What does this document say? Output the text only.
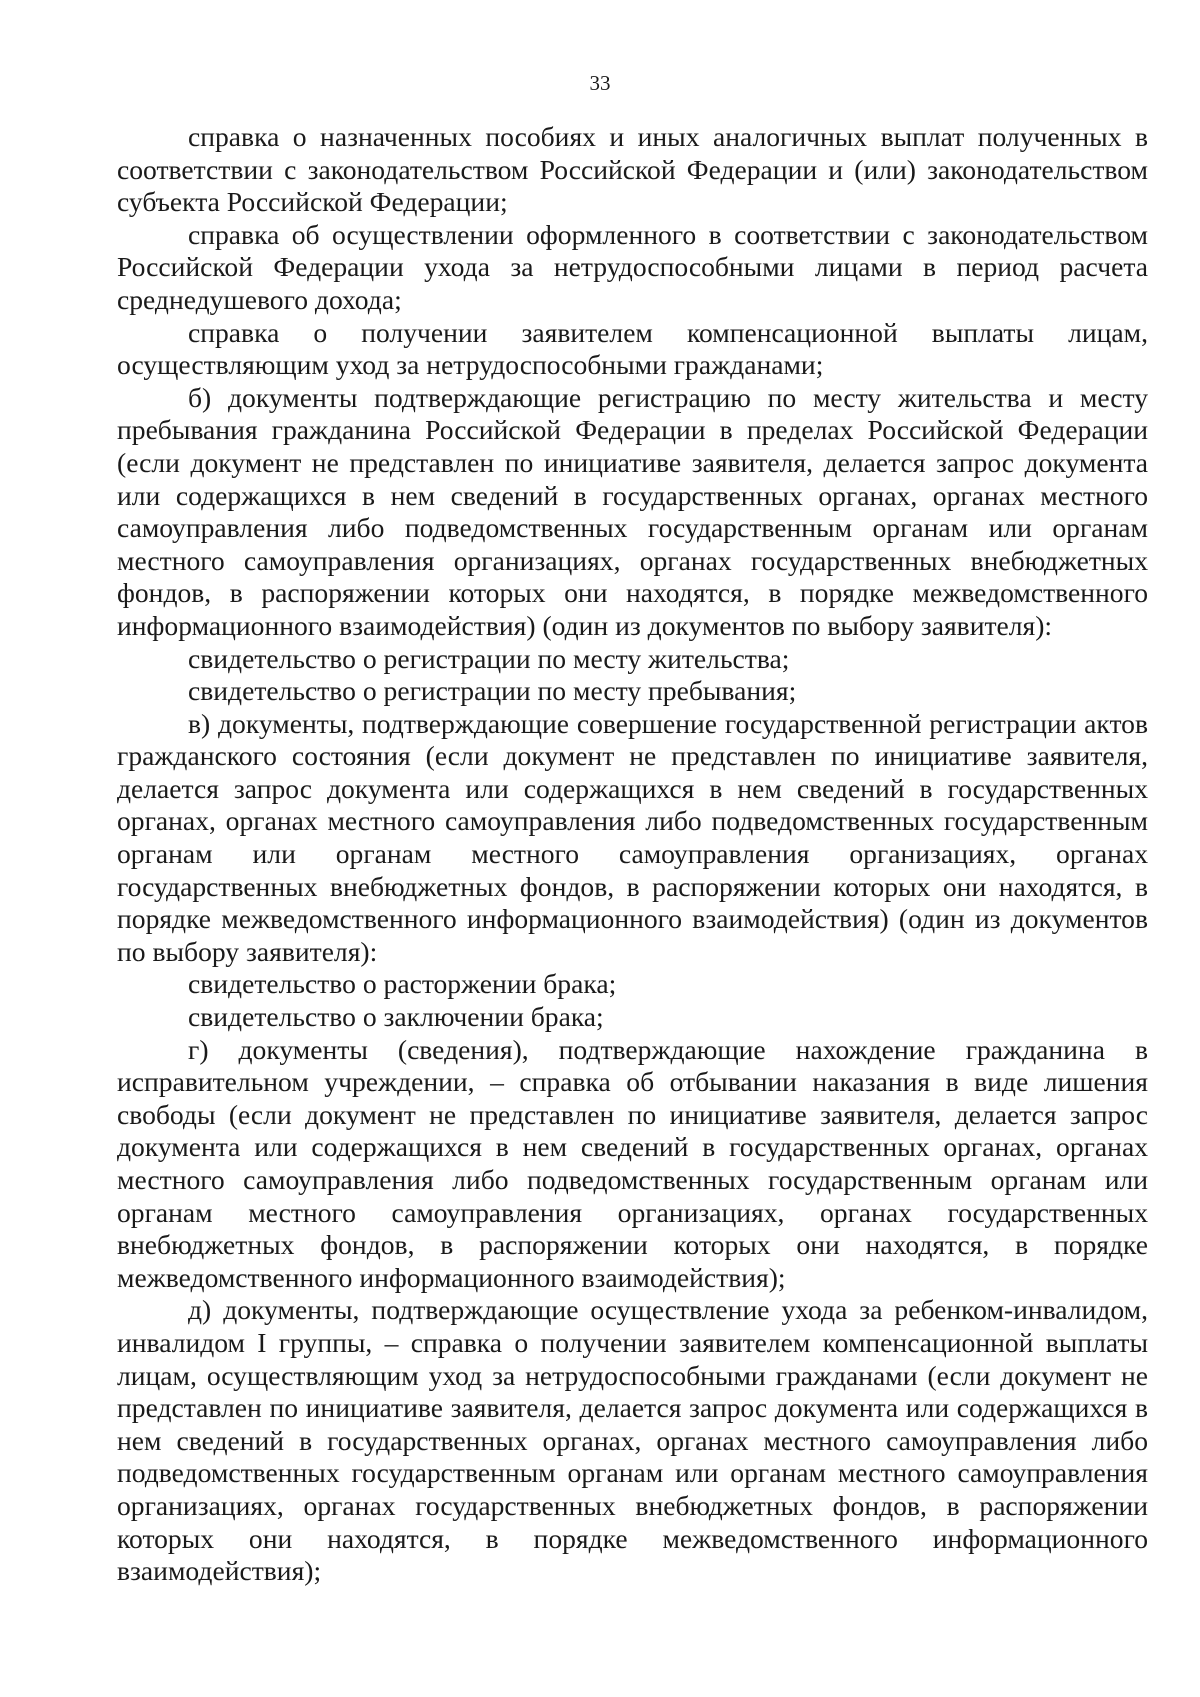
33

справка о назначенных пособиях и иных аналогичных выплат полученных в соответствии с законодательством Российской Федерации и (или) законодательством субъекта Российской Федерации;

справка об осуществлении оформленного в соответствии с законодательством Российской Федерации ухода за нетрудоспособными лицами в период расчета среднедушевого дохода;

справка о получении заявителем компенсационной выплаты лицам, осуществляющим уход за нетрудоспособными гражданами;

б) документы подтверждающие регистрацию по месту жительства и месту пребывания гражданина Российской Федерации в пределах Российской Федерации (если документ не представлен по инициативе заявителя, делается запрос документа или содержащихся в нем сведений в государственных органах, органах местного самоуправления либо подведомственных государственным органам или органам местного самоуправления организациях, органах государственных внебюджетных фондов, в распоряжении которых они находятся, в порядке межведомственного информационного взаимодействия) (один из документов по выбору заявителя):

свидетельство о регистрации по месту жительства;

свидетельство о регистрации по месту пребывания;

в) документы, подтверждающие совершение государственной регистрации актов гражданского состояния (если документ не представлен по инициативе заявителя, делается запрос документа или содержащихся в нем сведений в государственных органах, органах местного самоуправления либо подведомственных государственным органам или органам местного самоуправления организациях, органах государственных внебюджетных фондов, в распоряжении которых они находятся, в порядке межведомственного информационного взаимодействия) (один из документов по выбору заявителя):

свидетельство о расторжении брака;

свидетельство о заключении брака;

г) документы (сведения), подтверждающие нахождение гражданина в исправительном учреждении, – справка об отбывании наказания в виде лишения свободы (если документ не представлен по инициативе заявителя, делается запрос документа или содержащихся в нем сведений в государственных органах, органах местного самоуправления либо подведомственных государственным органам или органам местного самоуправления организациях, органах государственных внебюджетных фондов, в распоряжении которых они находятся, в порядке межведомственного информационного взаимодействия);

д) документы, подтверждающие осуществление ухода за ребенком-инвалидом, инвалидом I группы, – справка о получении заявителем компенсационной выплаты лицам, осуществляющим уход за нетрудоспособными гражданами (если документ не представлен по инициативе заявителя, делается запрос документа или содержащихся в нем сведений в государственных органах, органах местного самоуправления либо подведомственных государственным органам или органам местного самоуправления организациях, органах государственных внебюджетных фондов, в распоряжении которых они находятся, в порядке межведомственного информационного взаимодействия);
